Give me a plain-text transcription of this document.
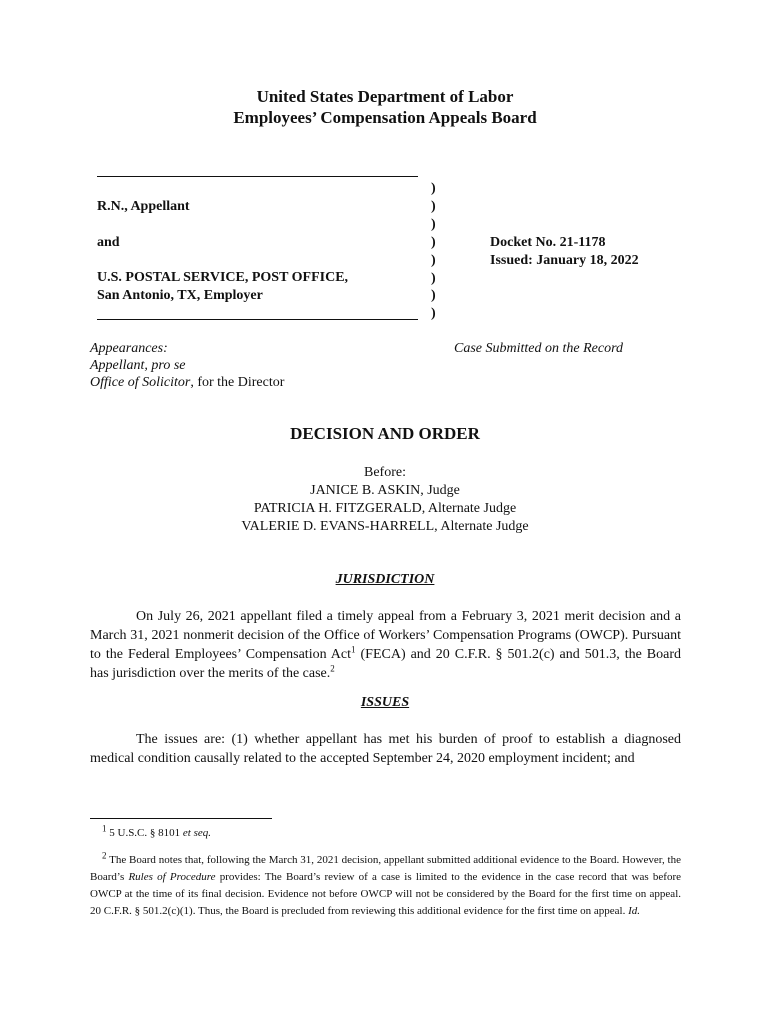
United States Department of Labor
Employees’ Compensation Appeals Board
R.N., Appellant
and
U.S. POSTAL SERVICE, POST OFFICE,
San Antonio, TX, Employer
)
)
)
)
)
)
)
)
Docket No. 21-1178
Issued: January 18, 2022
Appearances:
Appellant, pro se
Office of Solicitor, for the Director
Case Submitted on the Record
DECISION AND ORDER
Before:
JANICE B. ASKIN, Judge
PATRICIA H. FITZGERALD, Alternate Judge
VALERIE D. EVANS-HARRELL, Alternate Judge
JURISDICTION
On July 26, 2021 appellant filed a timely appeal from a February 3, 2021 merit decision and a March 31, 2021 nonmerit decision of the Office of Workers’ Compensation Programs (OWCP). Pursuant to the Federal Employees’ Compensation Act$^1$ (FECA) and 20 C.F.R. § 501.2(c) and 501.3, the Board has jurisdiction over the merits of the case.$^2$
ISSUES
The issues are: (1) whether appellant has met his burden of proof to establish a diagnosed medical condition causally related to the accepted September 24, 2020 employment incident; and
$^1$ 5 U.S.C. § 8101 et seq.
$^2$ The Board notes that, following the March 31, 2021 decision, appellant submitted additional evidence to the Board. However, the Board’s Rules of Procedure provides: The Board’s review of a case is limited to the evidence in the case record that was before OWCP at the time of its final decision. Evidence not before OWCP will not be considered by the Board for the first time on appeal. 20 C.F.R. § 501.2(c)(1). Thus, the Board is precluded from reviewing this additional evidence for the first time on appeal. Id.
